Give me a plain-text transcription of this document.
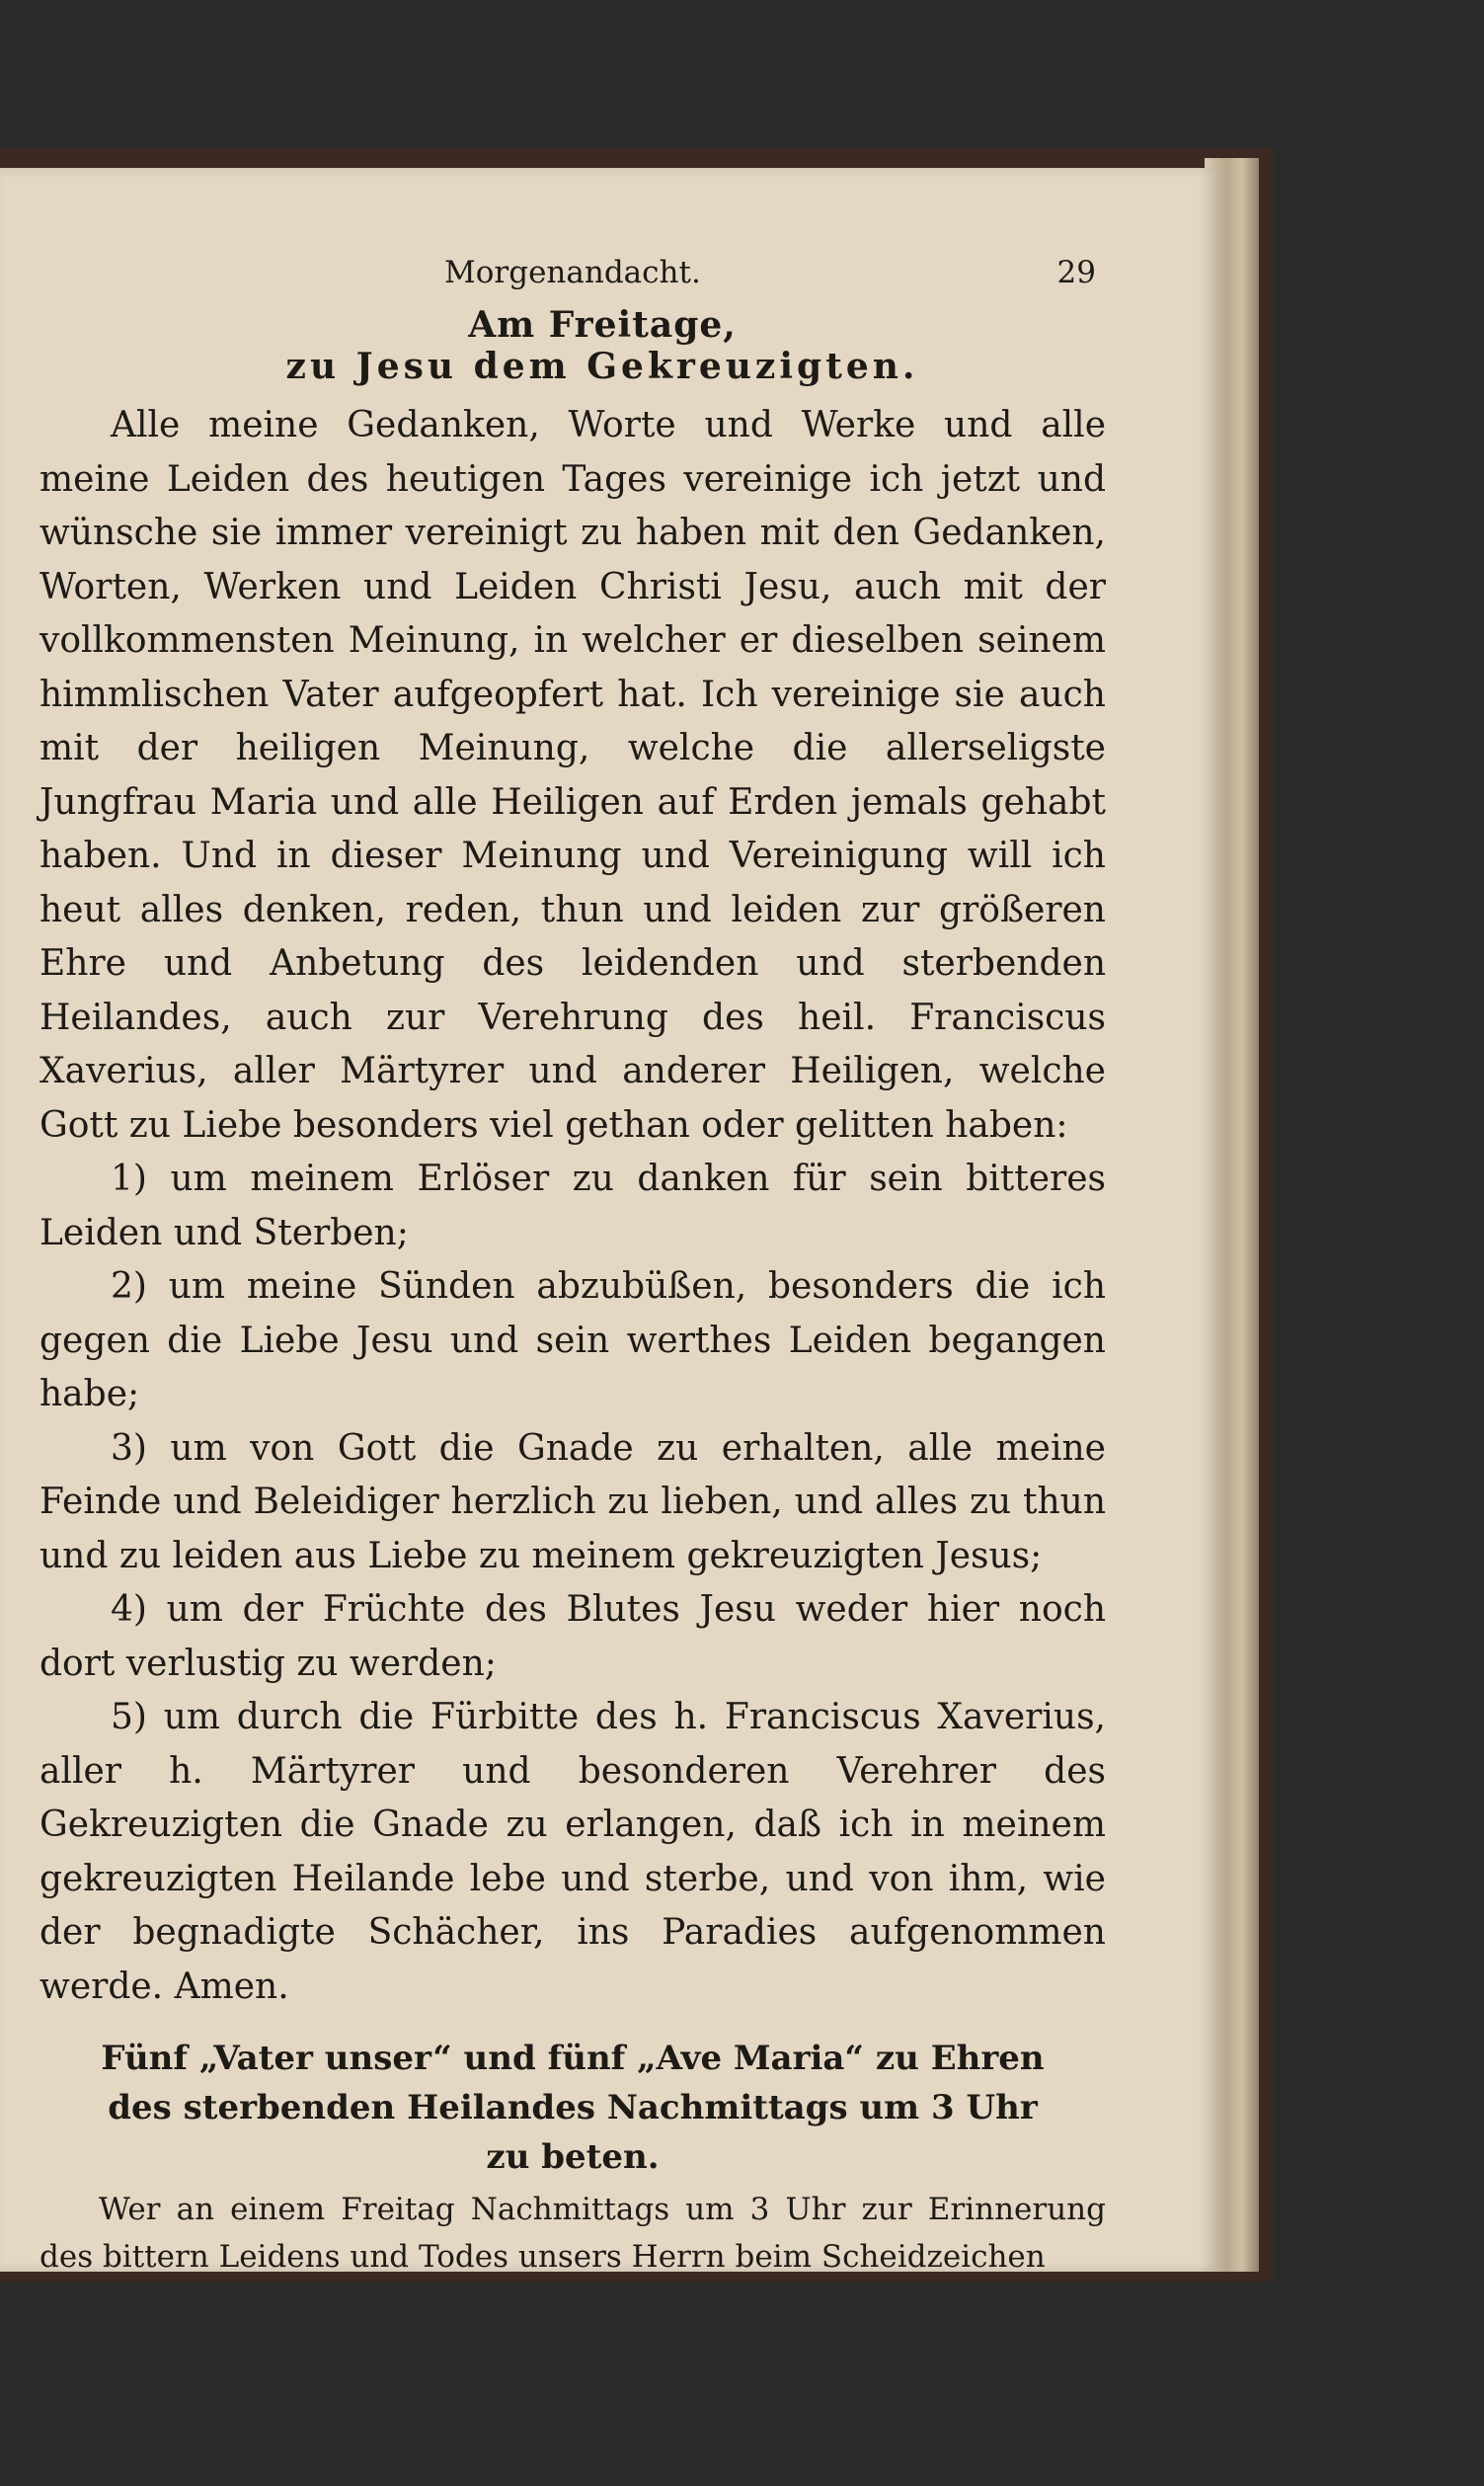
Morgenandacht.	29
Am Freitage,
zu Jesu dem Gekreuzigten.

Alle meine Gedanken, Worte und Werke und alle meine Leiden des heutigen Tages vereinige ich jetzt und wünsche sie immer vereinigt zu haben mit den Gedanken, Worten, Werken und Leiden Christi Jesu, auch mit der vollkommensten Meinung, in welcher er dieselben seinem himmlischen Vater aufgeopfert hat. Ich vereinige sie auch mit der heiligen Meinung, welche die allerseligste Jungfrau Maria und alle Heiligen auf Erden jemals gehabt haben. Und in dieser Meinung und Vereinigung will ich heut alles denken, reden, thun und leiden zur größeren Ehre und Anbetung des leidenden und sterbenden Heilandes, auch zur Verehrung des heil. Franciscus Xaverius, aller Märtyrer und anderer Heiligen, welche Gott zu Liebe besonders viel gethan oder gelitten haben:

1) um meinem Erlöser zu danken für sein bitteres Leiden und Sterben;

2) um meine Sünden abzubüßen, besonders die ich gegen die Liebe Jesu und sein werthes Leiden begangen habe;

3) um von Gott die Gnade zu erhalten, alle meine Feinde und Beleidiger herzlich zu lieben, und alles zu thun und zu leiden aus Liebe zu meinem gekreuzigten Jesus;

4) um der Früchte des Blutes Jesu weder hier noch dort verlustig zu werden;

5) um durch die Fürbitte des h. Franciscus Xaverius, aller h. Märtyrer und besonderen Verehrer des Gekreuzigten die Gnade zu erlangen, daß ich in meinem gekreuzigten Heilande lebe und sterbe, und von ihm, wie der begnadigte Schächer, ins Paradies aufgenommen werde. Amen.

Fünf „Vater unser“ und fünf „Ave Maria“ zu Ehren
des sterbenden Heilandes Nachmittags um 3 Uhr
zu beten.

Wer an einem Freitag Nachmittags um 3 Uhr zur Erinnerung des bittern Leidens und Todes unsers Herrn beim Scheidzeichen
